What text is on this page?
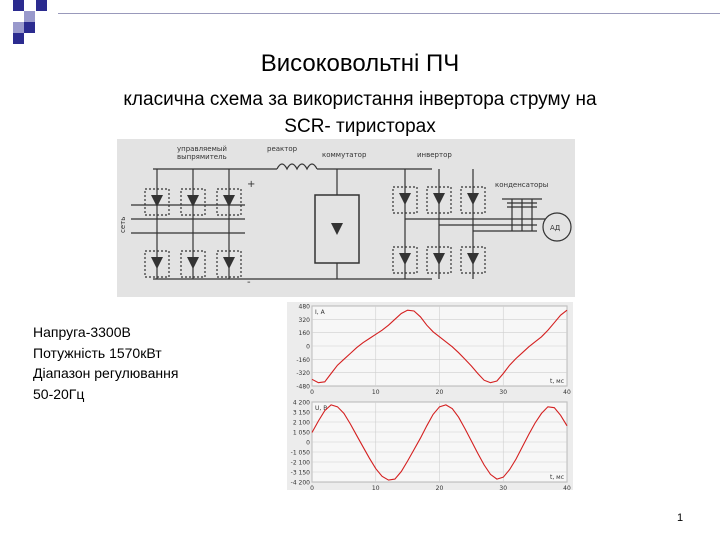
Високовольтні ПЧ
класична схема за використання інвертора струму на
SCR- тиристорах
управляемый
выпрямитель
реактор
коммутатор	инвертор
конденсаторы
сеть	АД
+
-
Напруга-3300В
Потужність 1570кВт
Діапазон регулювання
50-20Гц
480
320
160
0
-160
-320
-480
0	10	20	30	40
I, A
t, мс
4 200
3 150
2 100
1 050
0
-1 050
-2 100
-3 150
-4 200
0	10	20	30	40
U, В
t, мс
1
